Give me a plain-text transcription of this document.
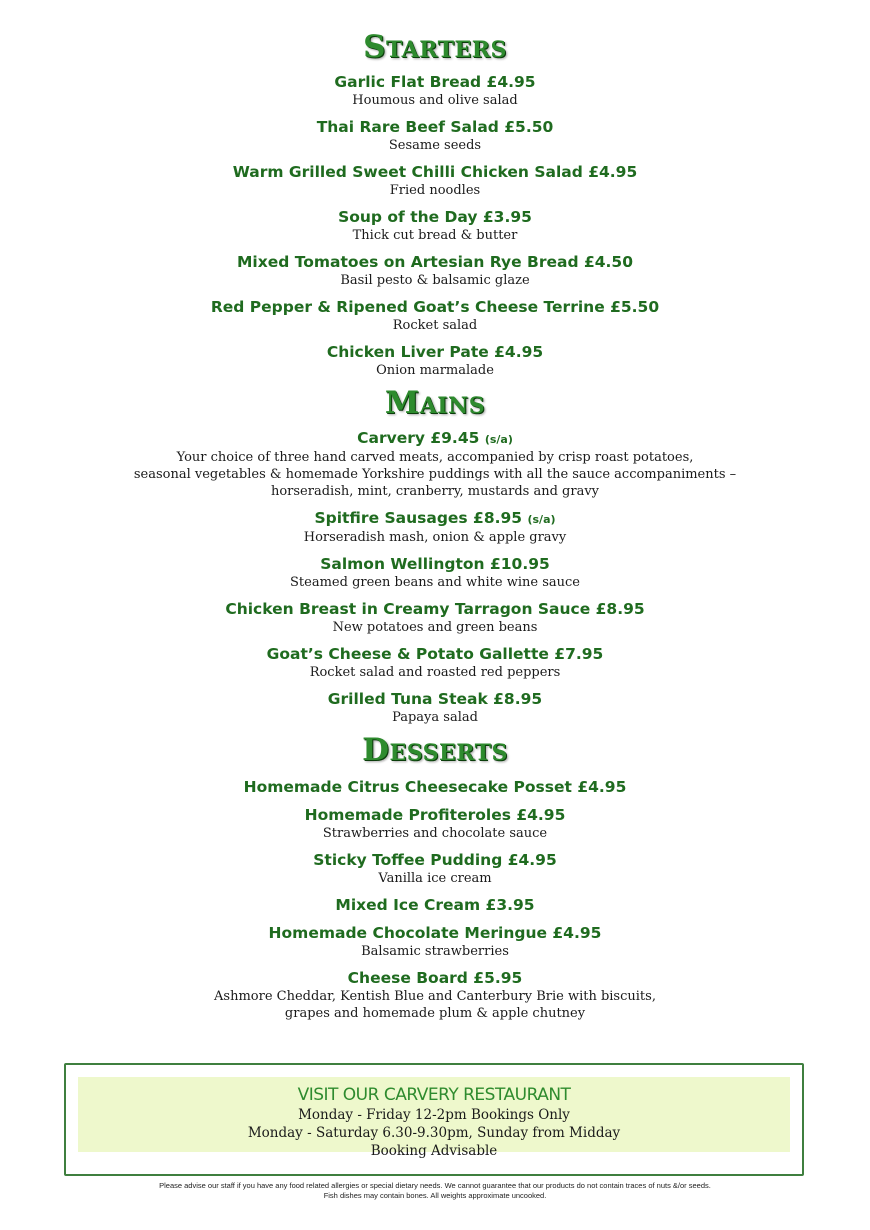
Starters
Garlic Flat Bread £4.95
Houmous and olive salad
Thai Rare Beef Salad £5.50
Sesame seeds
Warm Grilled Sweet Chilli Chicken Salad £4.95
Fried noodles
Soup of the Day £3.95
Thick cut bread & butter
Mixed Tomatoes on Artesian Rye Bread £4.50
Basil pesto & balsamic glaze
Red Pepper & Ripened Goat’s Cheese Terrine £5.50
Rocket salad
Chicken Liver Pate £4.95
Onion marmalade
Mains
Carvery £9.45 (s/a)
Your choice of three hand carved meats, accompanied by crisp roast potatoes,
seasonal vegetables & homemade Yorkshire puddings with all the sauce accompaniments –
horseradish, mint, cranberry, mustards and gravy
Spitfire Sausages £8.95 (s/a)
Horseradish mash, onion & apple gravy
Salmon Wellington £10.95
Steamed green beans and white wine sauce
Chicken Breast in Creamy Tarragon Sauce £8.95
New potatoes and green beans
Goat’s Cheese & Potato Gallette £7.95
Rocket salad and roasted red peppers
Grilled Tuna Steak £8.95
Papaya salad
Desserts
Homemade Citrus Cheesecake Posset £4.95
Homemade Profiteroles £4.95
Strawberries and chocolate sauce
Sticky Toffee Pudding £4.95
Vanilla ice cream
Mixed Ice Cream £3.95
Homemade Chocolate Meringue £4.95
Balsamic strawberries
Cheese Board £5.95
Ashmore Cheddar, Kentish Blue and Canterbury Brie with biscuits,
grapes and homemade plum & apple chutney
VISIT OUR CARVERY RESTAURANT
Monday - Friday 12-2pm Bookings Only
Monday - Saturday 6.30-9.30pm, Sunday from Midday
Booking Advisable
Please advise our staff if you have any food related allergies or special dietary needs. We cannot guarantee that our products do not contain traces of nuts &/or seeds.
Fish dishes may contain bones. All weights approximate uncooked.
